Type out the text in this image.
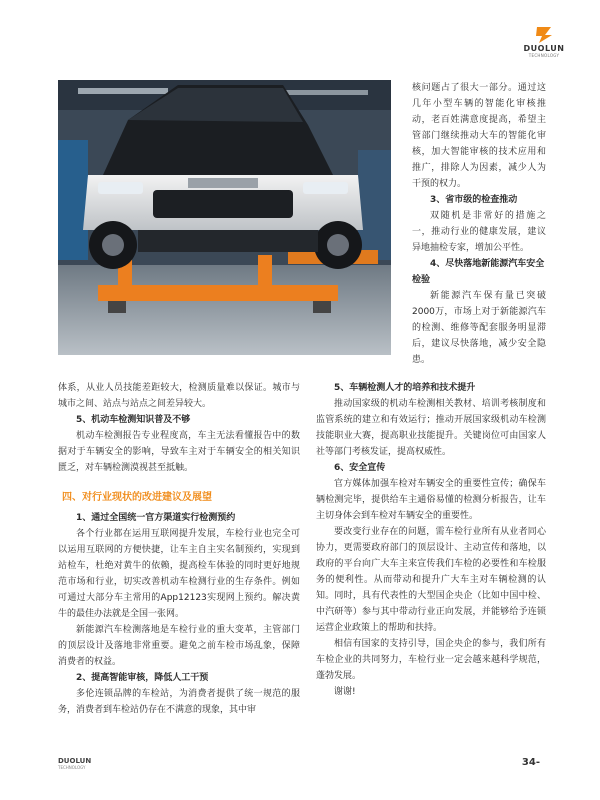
DUOLUN
TECHNOLOGY

核问题占了很大一部分。通过这几年小型车辆的智能化审核推动，老百姓满意度提高，希望主管部门继续推动大车的智能化审核，加大智能审核的技术应用和推广，排除人为因素，减少人为干预的权力。

3、省市级的检查推动

双随机是非常好的措施之一，推动行业的健康发展，建议异地抽检专家，增加公平性。

4、尽快落地新能源汽车安全检验

新能源汽车保有量已突破2000万，市场上对于新能源汽车的检测、维修等配套服务明显滞后，建议尽快落地，减少安全隐患。

体系，从业人员技能差距较大，检测质量难以保证。城市与城市之间、站点与站点之间差异较大。

5、机动车检测知识普及不够

机动车检测报告专业程度高，车主无法看懂报告中的数据对于车辆安全的影响，导致车主对于车辆安全的相关知识匮乏，对车辆检测漠视甚至抵触。

四、对行业现状的改进建议及展望

1、通过全国统一官方渠道实行检测预约

各个行业都在运用互联网提升发展，车检行业也完全可以运用互联网的方便快捷，让车主自主实名制预约，实现到站检车，杜绝对黄牛的依赖，提高检车体验的同时更好地规范市场和行业，切实改善机动车检测行业的生存条件。例如可通过大部分车主常用的App12123实现网上预约。解决黄牛的最佳办法就是全国一张网。

新能源汽车检测落地是车检行业的重大变革，主管部门的顶层设计及落地非常重要。避免之前车检市场乱象，保障消费者的权益。

2、提高智能审核，降低人工干预

多伦连锁品牌的车检站，为消费者提供了统一规范的服务，消费者到车检站仍存在不满意的现象，其中审

5、车辆检测人才的培养和技术提升

推动国家级的机动车检测相关教材、培训考核制度和监管系统的建立和有效运行；推动开展国家级机动车检测技能职业大赛，提高职业技能提升。关键岗位可由国家人社等部门考核发证，提高权威性。

6、安全宣传

官方媒体加强车检对车辆安全的重要性宣传；确保车辆检测完毕，提供给车主通俗易懂的检测分析报告，让车主切身体会到车检对车辆安全的重要性。

要改变行业存在的问题，需车检行业所有从业者同心协力，更需要政府部门的顶层设计、主动宣传和落地，以政府的平台向广大车主来宣传我们车检的必要性和车检服务的便利性。从而带动和提升广大车主对车辆检测的认知。同时，具有代表性的大型国企央企（比如中国中检、中汽研等）参与其中带动行业正向发展，并能够给予连锁运营企业政策上的帮助和扶持。

相信有国家的支持引导，国企央企的参与，我们所有车检企业的共同努力，车检行业一定会越来越科学规范，蓬勃发展。

谢谢!

DUOLUN
TECHNOLOGY	34-
